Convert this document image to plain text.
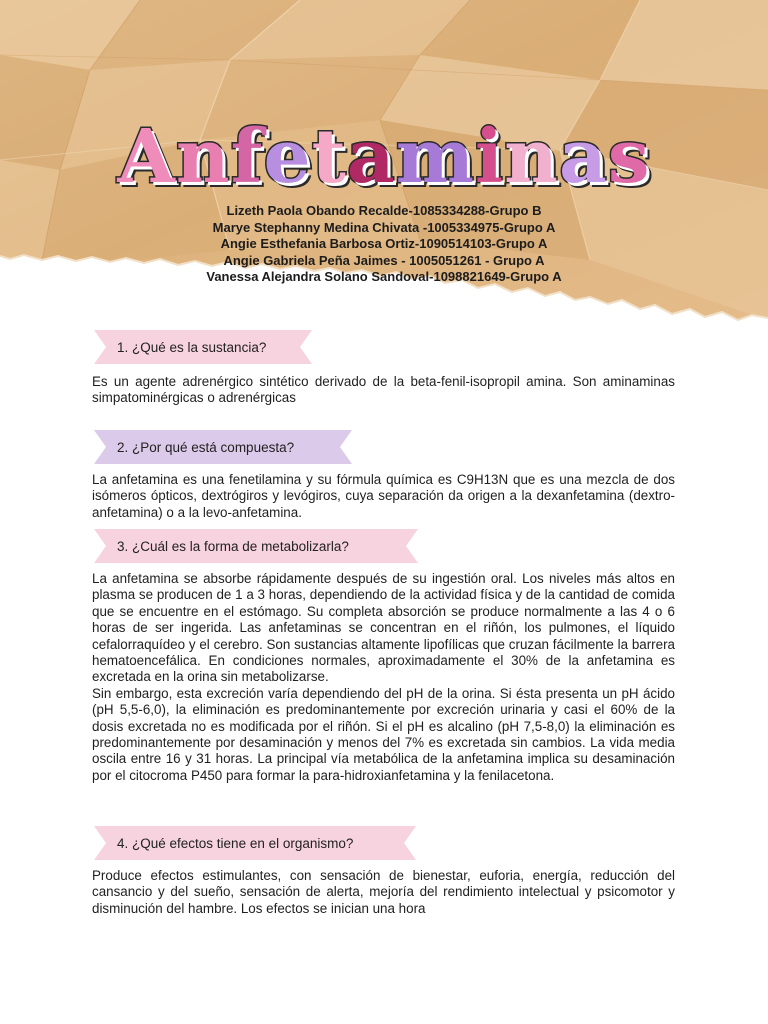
Anfetaminas
Lizeth Paola Obando Recalde-1085334288-Grupo B
Marye Stephanny Medina Chivata -1005334975-Grupo A
Angie Esthefania Barbosa Ortiz-1090514103-Grupo A
Angie Gabriela Peña Jaimes - 1005051261 - Grupo A
Vanessa Alejandra Solano Sandoval-1098821649-Grupo A
1. ¿Qué es la sustancia?

Es un agente adrenérgico sintético derivado de la beta-fenil-isopropil amina. Son aminaminas simpatominérgicas o adrenérgicas

2. ¿Por qué está compuesta?

La anfetamina es una fenetilamina y su fórmula química es C9H13N que es una mezcla de dos isómeros ópticos, dextrógiros y levógiros, cuya separación da origen a la dexanfetamina (dextro-anfetamina) o a la levo-anfetamina.

3. ¿Cuál es la forma de metabolizarla?

La anfetamina se absorbe rápidamente después de su ingestión oral. Los niveles más altos en plasma se producen de 1 a 3 horas, dependiendo de la actividad física y de la cantidad de comida que se encuentre en el estómago. Su completa absorción se produce normalmente a las 4 o 6 horas de ser ingerida. Las anfetaminas se concentran en el riñón, los pulmones, el líquido cefalorraquídeo y el cerebro. Son sustancias altamente lipofílicas que cruzan fácilmente la barrera hematoencefálica. En condiciones normales, aproximadamente el 30% de la anfetamina es excretada en la orina sin metabolizarse.

Sin embargo, esta excreción varía dependiendo del pH de la orina. Si ésta presenta un pH ácido (pH 5,5-6,0), la eliminación es predominantemente por excreción urinaria y casi el 60% de la dosis excretada no es modificada por el riñón. Si el pH es alcalino (pH 7,5-8,0) la eliminación es predominantemente por desaminación y menos del 7% es excretada sin cambios. La vida media oscila entre 16 y 31 horas. La principal vía metabólica de la anfetamina implica su desaminación por el citocroma P450 para formar la para-hidroxianfetamina y la fenilacetona.

4. ¿Qué efectos tiene en el organismo?

Produce efectos estimulantes, con sensación de bienestar, euforia, energía, reducción del cansancio y del sueño, sensación de alerta, mejoría del rendimiento intelectual y psicomotor y disminución del hambre. Los efectos se inician una hora
